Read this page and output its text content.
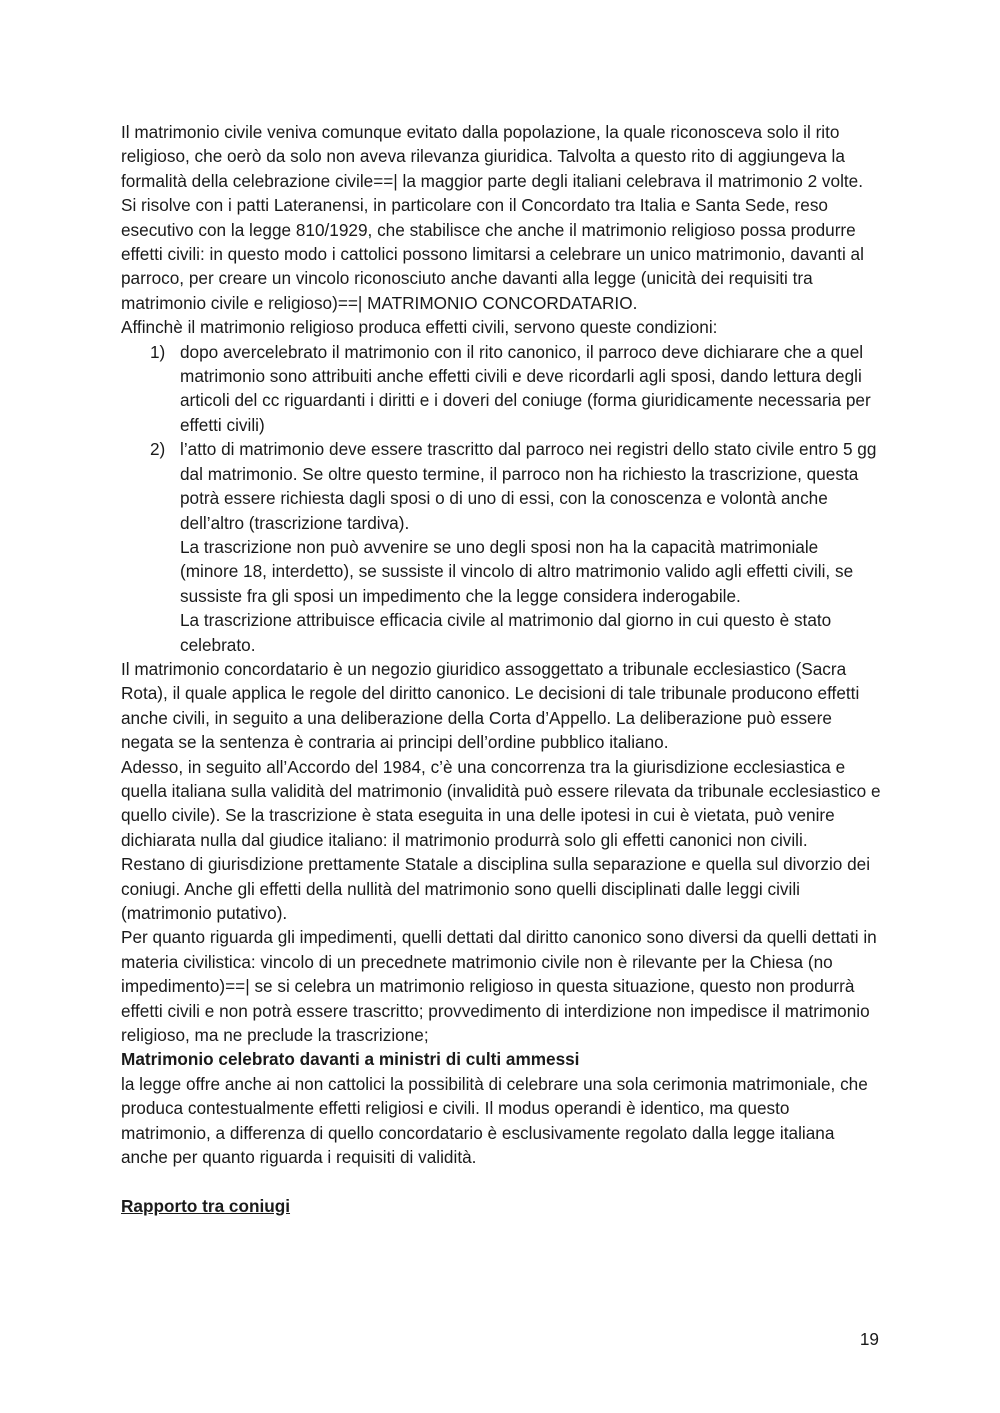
Il matrimonio civile veniva comunque evitato dalla popolazione, la quale riconosceva solo il rito religioso, che oerò da solo non aveva rilevanza giuridica. Talvolta a questo rito di aggiungeva la formalità della celebrazione civile==| la maggior parte degli italiani celebrava il matrimonio 2 volte. Si risolve con i patti Lateranensi, in particolare con il Concordato tra Italia e Santa Sede, reso esecutivo con la legge 810/1929, che stabilisce che anche il matrimonio religioso possa produrre effetti civili: in questo modo i cattolici possono limitarsi a celebrare un unico matrimonio, davanti al parroco, per creare un vincolo riconosciuto anche davanti alla legge (unicità dei requisiti tra matrimonio civile e religioso)==| MATRIMONIO CONCORDATARIO.

Affinchè il matrimonio religioso produca effetti civili, servono queste condizioni:

1) dopo avercelebrato il matrimonio con il rito canonico, il parroco deve dichiarare che a quel matrimonio sono attribuiti anche effetti civili e deve ricordarli agli sposi, dando lettura degli articoli del cc riguardanti i diritti e i doveri del coniuge (forma giuridicamente necessaria per effetti civili)
2) l’atto di matrimonio deve essere trascritto dal parroco nei registri dello stato civile entro 5 gg dal matrimonio. Se oltre questo termine, il parroco non ha richiesto la trascrizione, questa potrà essere richiesta dagli sposi o di uno di essi, con la conoscenza e volontà anche dell’altro (trascrizione tardiva).
La trascrizione non può avvenire se uno degli sposi non ha la capacità matrimoniale (minore 18, interdetto), se sussiste il vincolo di altro matrimonio valido agli effetti civili, se sussiste fra gli sposi un impedimento che la legge considera inderogabile.
La trascrizione attribuisce efficacia civile al matrimonio dal giorno in cui questo è stato celebrato.

Il matrimonio concordatario è un negozio giuridico assoggettato a tribunale ecclesiastico (Sacra Rota), il quale applica le regole del diritto canonico. Le decisioni di tale tribunale producono effetti anche civili, in seguito a una deliberazione della Corta d’Appello. La deliberazione può essere negata se la sentenza è contraria ai principi dell’ordine pubblico italiano.

Adesso, in seguito all’Accordo del 1984, c’è una concorrenza tra la giurisdizione ecclesiastica e quella italiana sulla validità del matrimonio (invalidità può essere rilevata da tribunale ecclesiastico e quello civile). Se la trascrizione è stata eseguita in una delle ipotesi in cui è vietata, può venire dichiarata nulla dal giudice italiano: il matrimonio produrrà solo gli effetti canonici non civili.

Restano di giurisdizione prettamente Statale a disciplina sulla separazione e quella sul divorzio dei coniugi. Anche gli effetti della nullità del matrimonio sono quelli disciplinati dalle leggi civili (matrimonio putativo).

Per quanto riguarda gli impedimenti, quelli dettati dal diritto canonico sono diversi da quelli dettati in materia civilistica: vincolo di un precednete matrimonio civile non è rilevante per la Chiesa (no impedimento)==| se si celebra un matrimonio religioso in questa situazione, questo non produrrà effetti civili e non potrà essere trascritto; provvedimento di interdizione non impedisce il matrimonio religioso, ma ne preclude la trascrizione;

Matrimonio celebrato davanti a ministri di culti ammessi

la legge offre anche ai non cattolici la possibilità di celebrare una sola cerimonia matrimoniale, che produca contestualmente effetti religiosi e civili. Il modus operandi è identico, ma questo matrimonio, a differenza di quello concordatario è esclusivamente regolato dalla legge italiana anche per quanto riguarda i requisiti di validità.

Rapporto tra coniugi

19
